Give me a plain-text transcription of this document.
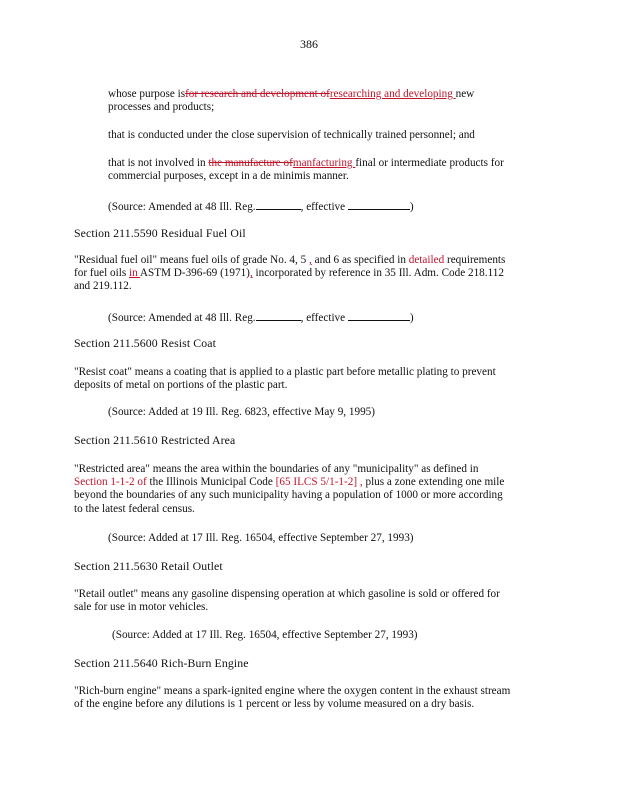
386

whose purpose isfor research and development ofresearching and developing new
processes and products;

that is conducted under the close supervision of technically trained personnel; and

that is not involved in the manufacture ofmanfacturing final or intermediate products for
commercial purposes, except in a de minimis manner.

(Source: Amended at 48 Ill. Reg.	, effective	)

Section 211.5590 Residual Fuel Oil

"Residual fuel oil" means fuel oils of grade No. 4, 5 , and 6 as specified in detailed requirements
for fuel oils in ASTM D-396-69 (1971), incorporated by reference in 35 Ill. Adm. Code 218.112
and 219.112.

(Source: Amended at 48 Ill. Reg.	, effective	)

Section 211.5600 Resist Coat

"Resist coat" means a coating that is applied to a plastic part before metallic plating to prevent
deposits of metal on portions of the plastic part.

(Source: Added at 19 Ill. Reg. 6823, effective May 9, 1995)

Section 211.5610 Restricted Area

"Restricted area" means the area within the boundaries of any "municipality" as defined in
Section 1-1-2 of the Illinois Municipal Code [65 ILCS 5/1-1-2] , plus a zone extending one mile
beyond the boundaries of any such municipality having a population of 1000 or more according
to the latest federal census.

(Source: Added at 17 Ill. Reg. 16504, effective September 27, 1993)

Section 211.5630 Retail Outlet

"Retail outlet" means any gasoline dispensing operation at which gasoline is sold or offered for
sale for use in motor vehicles.

(Source: Added at 17 Ill. Reg. 16504, effective September 27, 1993)

Section 211.5640 Rich-Burn Engine

"Rich-burn engine" means a spark-ignited engine where the oxygen content in the exhaust stream
of the engine before any dilutions is 1 percent or less by volume measured on a dry basis.
